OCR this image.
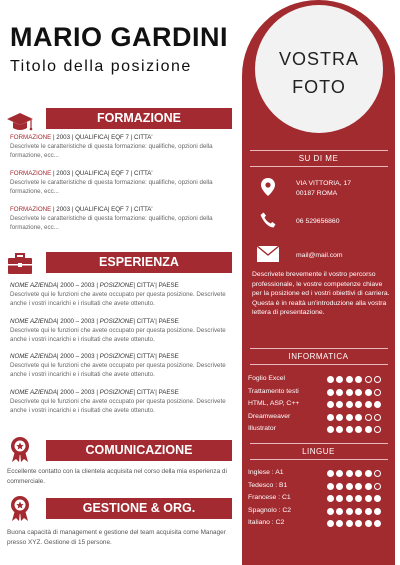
MARIO GARDINI
Titolo della posizione
FORMAZIONE
FORMAZIONE | 2003 | QUALIFICA| EQF 7 | CITTA'
Descrivete le caratteristiche di questa formazione: qualifiche, opzioni della formazione, ecc...
FORMAZIONE | 2003 | QUALIFICA| EQF 7 | CITTA'
Descrivete le caratteristiche di questa formazione: qualifiche, opzioni della formazione, ecc...
FORMAZIONE | 2003 | QUALIFICA| EQF 7 | CITTA'
Descrivete le caratteristiche di questa formazione: qualifiche, opzioni della formazione, ecc...
ESPERIENZA
NOME AZIENDA| 2000 – 2003 | POSIZIONE| CITTA'| PAESE
Descrivete qui le funzioni che avete occupato per questa posizione. Descrivete anche i vostri incarichi e i risultati che avete ottenuto.
NOME AZIENDA| 2000 – 2003 | POSIZIONE| CITTA'| PAESE
Descrivete qui le funzioni che avete occupato per questa posizione. Descrivete anche i vostri incarichi e i risultati che avete ottenuto.
NOME AZIENDA| 2000 – 2003 | POSIZIONE| CITTA'| PAESE
Descrivete qui le funzioni che avete occupato per questa posizione. Descrivete anche i vostri incarichi e i risultati che avete ottenuto.
NOME AZIENDA| 2000 – 2003 | POSIZIONE| CITTA'| PAESE
Descrivete qui le funzioni che avete occupato per questa posizione. Descrivete anche i vostri incarichi e i risultati che avete ottenuto.
COMUNICAZIONE
Eccellente contatto con la clientela acquisita nel corso della mia esperienza di commerciale.
GESTIONE & ORG.
Buona capacità di management e gestione del team acquisita come Manager presso XYZ. Gestione di 15 persone.
VOSTRA
FOTO
SU DI ME
VIA VITTORIA, 17
00187 ROMA
06 529656860
mail@mail.com
Descrivete brevemente il vostro percorso professionale, le vostre competenze chiave per la posizione ed i vostri obiettivi di carriera. Questa è in realtà un'introduzione alla vostra lettera di presentazione.
INFORMATICA
Foglio Excel
Trattamento testi
HTML, ASP, C++
Dreamweaver
Illustrator
LINGUE
Inglese : A1
Tedesco : B1
Francese : C1
Spagnolo : C2
Italiano : C2
